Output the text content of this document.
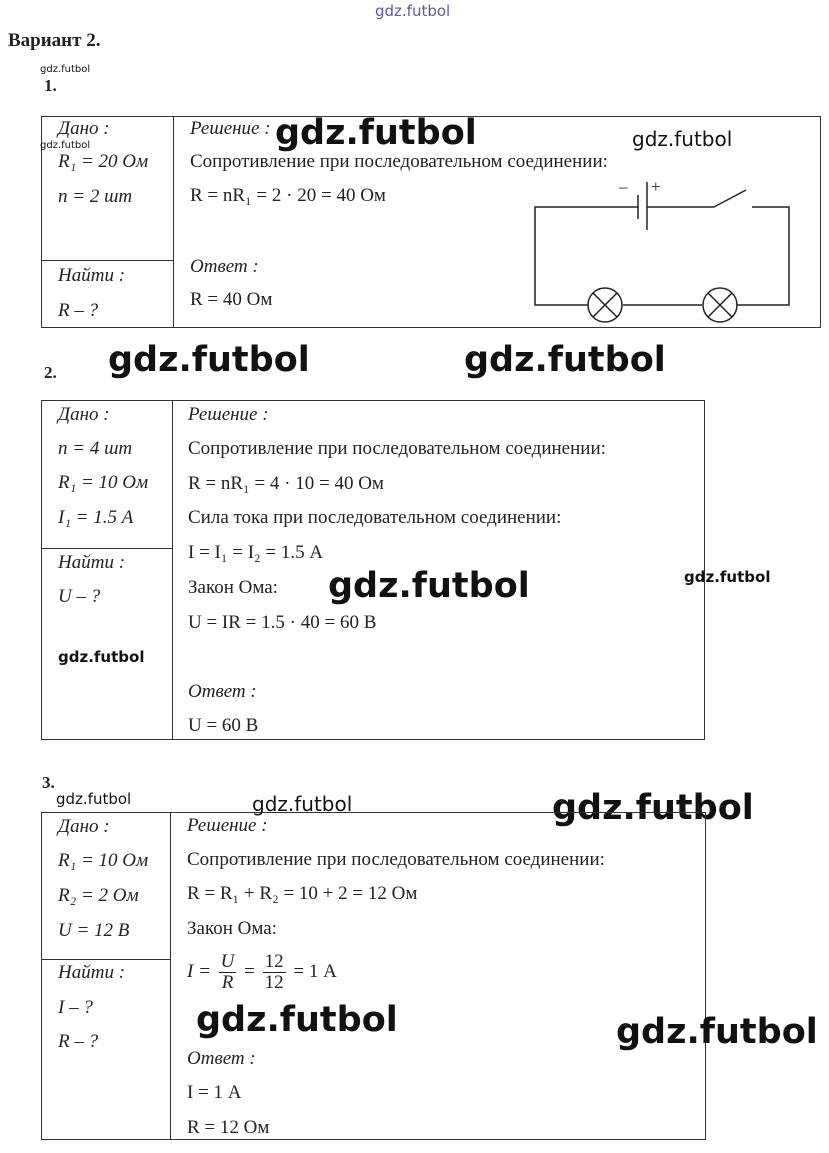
gdz.futbol
Вариант 2.
gdz.futbol
1.
Дано :
gdz.futbol
R₁ = 20 Ом
n = 2 шт
Найти :
R – ?
Решение :
Сопротивление при последовательном соединении:
R = nR₁ = 2 · 20 = 40 Ом
Ответ :
R = 40 Ом
– +
gdz.futbol	gdz.futbol
2. gdz.futbol	gdz.futbol
Дано :
n = 4 шт
R₁ = 10 Ом
I₁ = 1.5 А
Найти :
U – ?
gdz.futbol
Решение :
Сопротивление при последовательном соединении:
R = nR₁ = 4 · 10 = 40 Ом
Сила тока при последовательном соединении:
I = I₁ = I₂ = 1.5 А
Закон Ома:
U = IR = 1.5 · 40 = 60 В
Ответ :
U = 60 В
gdz.futbol	gdz.futbol
3.
gdz.futbol	gdz.futbol	gdz.futbol
Дано :
R₁ = 10 Ом
R₂ = 2 Ом
U = 12 В
Найти :
I – ?
R – ?
Решение :
Сопротивление при последовательном соединении:
R = R₁ + R₂ = 10 + 2 = 12 Ом
Закон Ома:
$I = \frac{U}{R} = \frac{12}{12} = 1$ А
Ответ :
I = 1 А
R = 12 Ом
gdz.futbol	gdz.futbol
